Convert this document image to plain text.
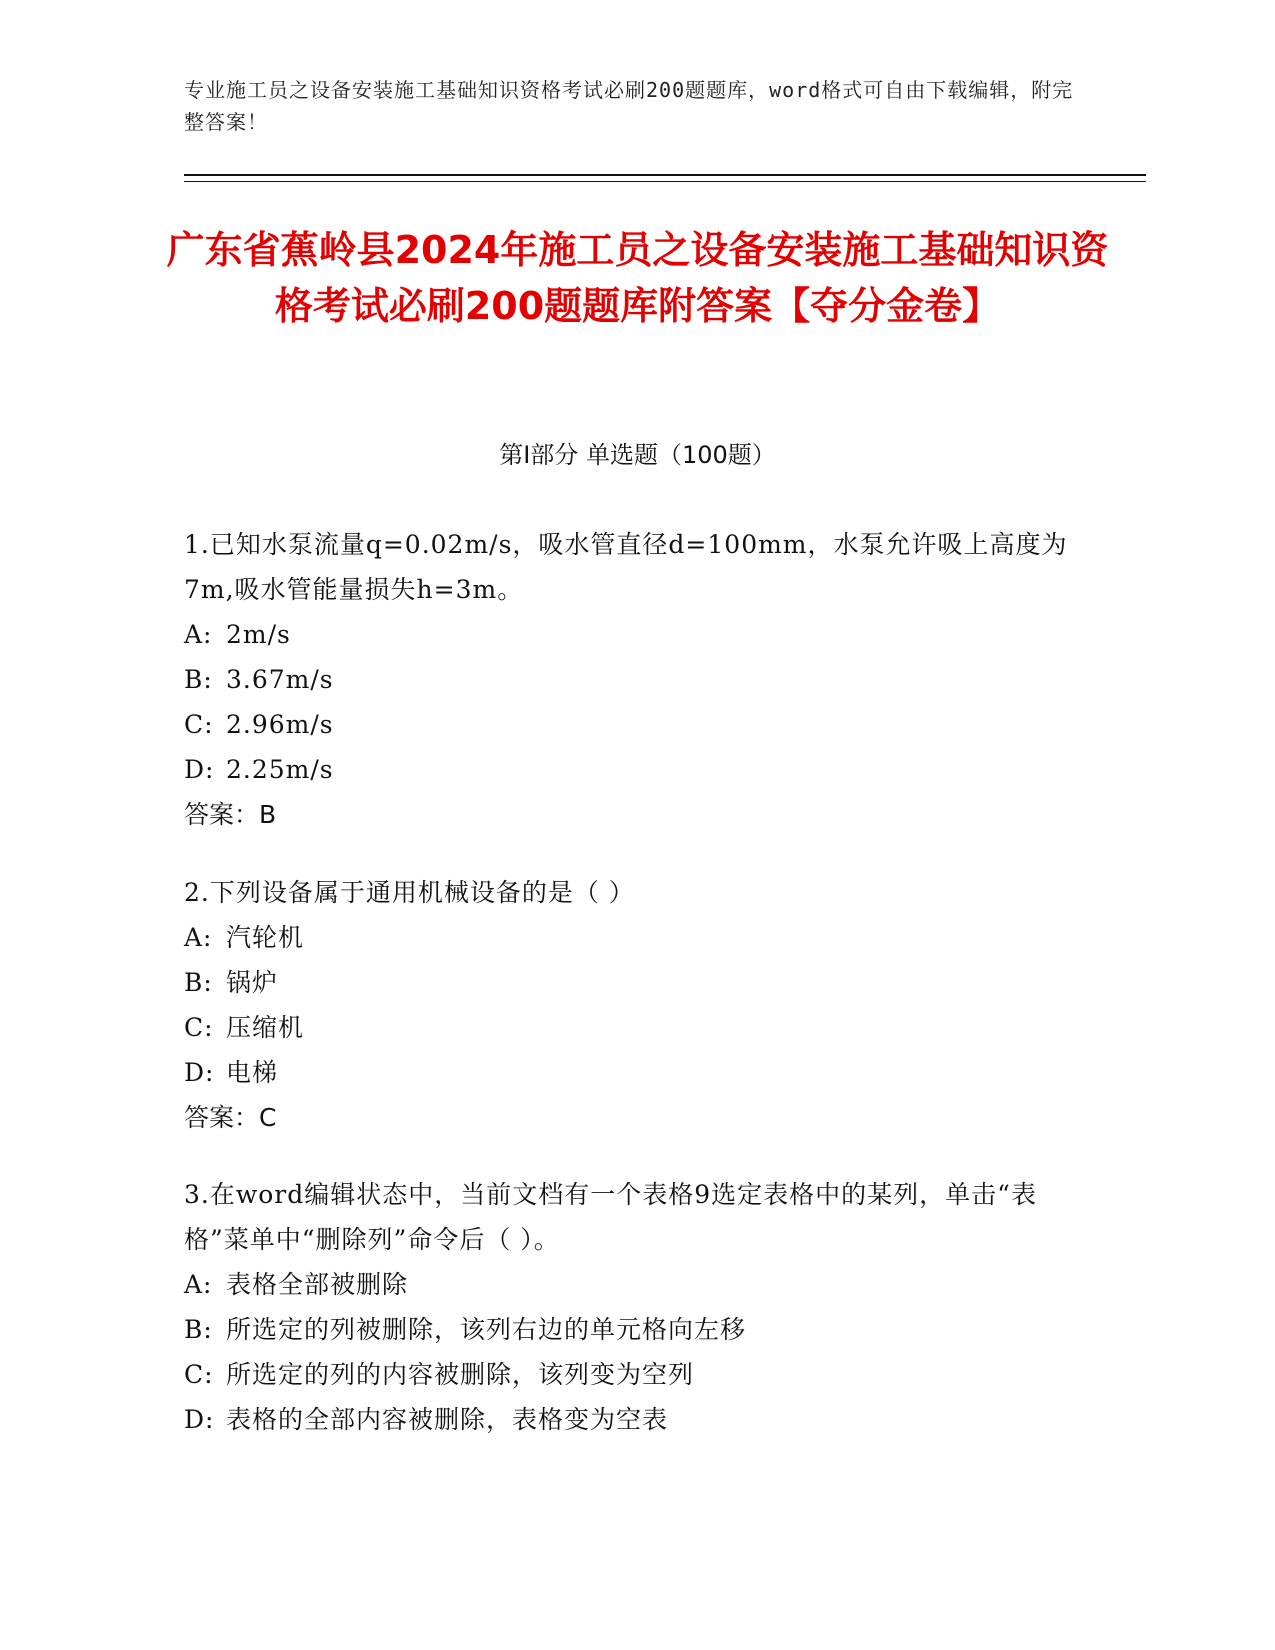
专业施工员之设备安装施工基础知识资格考试必刷200题题库，word格式可自由下载编辑，附完整答案！
广东省蕉岭县2024年施工员之设备安装施工基础知识资格考试必刷200题题库附答案【夺分金卷】
第Ⅰ部分 单选题（100题）

1.已知水泵流量q=0.02m/s，吸水管直径d=100mm，水泵允许吸上高度为7m,吸水管能量损失h=3m。

A: 2m/s
B: 3.67m/s
C: 2.96m/s
D: 2.25m/s
答案：B

2.下列设备属于通用机械设备的是（ ）

A: 汽轮机
B: 锅炉
C: 压缩机
D: 电梯
答案：C

3.在word编辑状态中，当前文档有一个表格9选定表格中的某列，单击“表格”菜单中“删除列”命令后（ ）。

A: 表格全部被删除
B: 所选定的列被删除，该列右边的单元格向左移
C: 所选定的列的内容被删除，该列变为空列
D: 表格的全部内容被删除，表格变为空表
